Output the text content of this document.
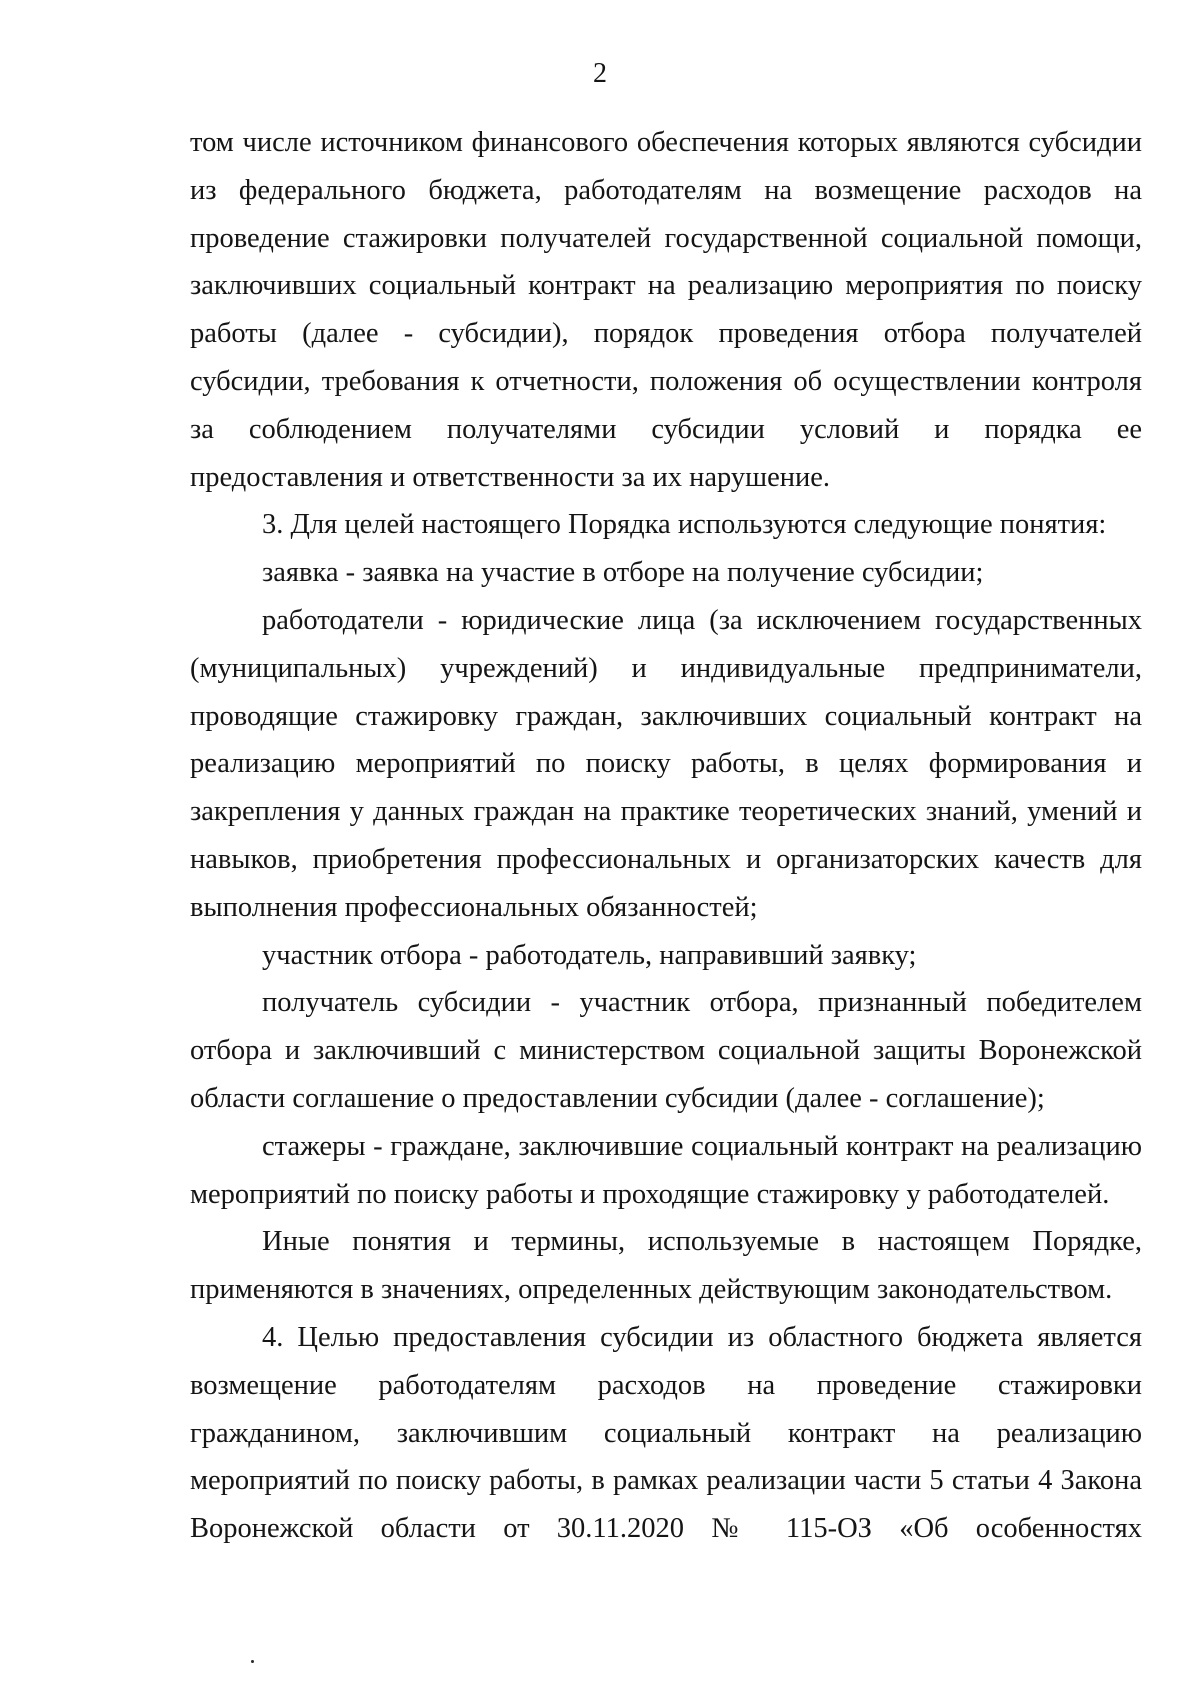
2

том числе источником финансового обеспечения которых являются субсидии из федерального бюджета, работодателям на возмещение расходов на проведение стажировки получателей государственной социальной помощи, заключивших социальный контракт на реализацию мероприятия по поиску работы (далее - субсидии), порядок проведения отбора получателей субсидии, требования к отчетности, положения об осуществлении контроля за соблюдением получателями субсидии условий и порядка ее предоставления и ответственности за их нарушение.

3. Для целей настоящего Порядка используются следующие понятия:

заявка - заявка на участие в отборе на получение субсидии;

работодатели - юридические лица (за исключением государственных (муниципальных) учреждений) и индивидуальные предприниматели, проводящие стажировку граждан, заключивших социальный контракт на реализацию мероприятий по поиску работы, в целях формирования и закрепления у данных граждан на практике теоретических знаний, умений и навыков, приобретения профессиональных и организаторских качеств для выполнения профессиональных обязанностей;

участник отбора - работодатель, направивший заявку;

получатель субсидии - участник отбора, признанный победителем отбора и заключивший с министерством социальной защиты Воронежской области соглашение о предоставлении субсидии (далее - соглашение);

стажеры - граждане, заключившие социальный контракт на реализацию мероприятий по поиску работы и проходящие стажировку у работодателей.

Иные понятия и термины, используемые в настоящем Порядке, применяются в значениях, определенных действующим законодательством.

4. Целью предоставления субсидии из областного бюджета является возмещение работодателям расходов на проведение стажировки гражданином, заключившим социальный контракт на реализацию мероприятий по поиску работы, в рамках реализации части 5 статьи 4 Закона Воронежской области от 30.11.2020 № 115-ОЗ «Об особенностях
